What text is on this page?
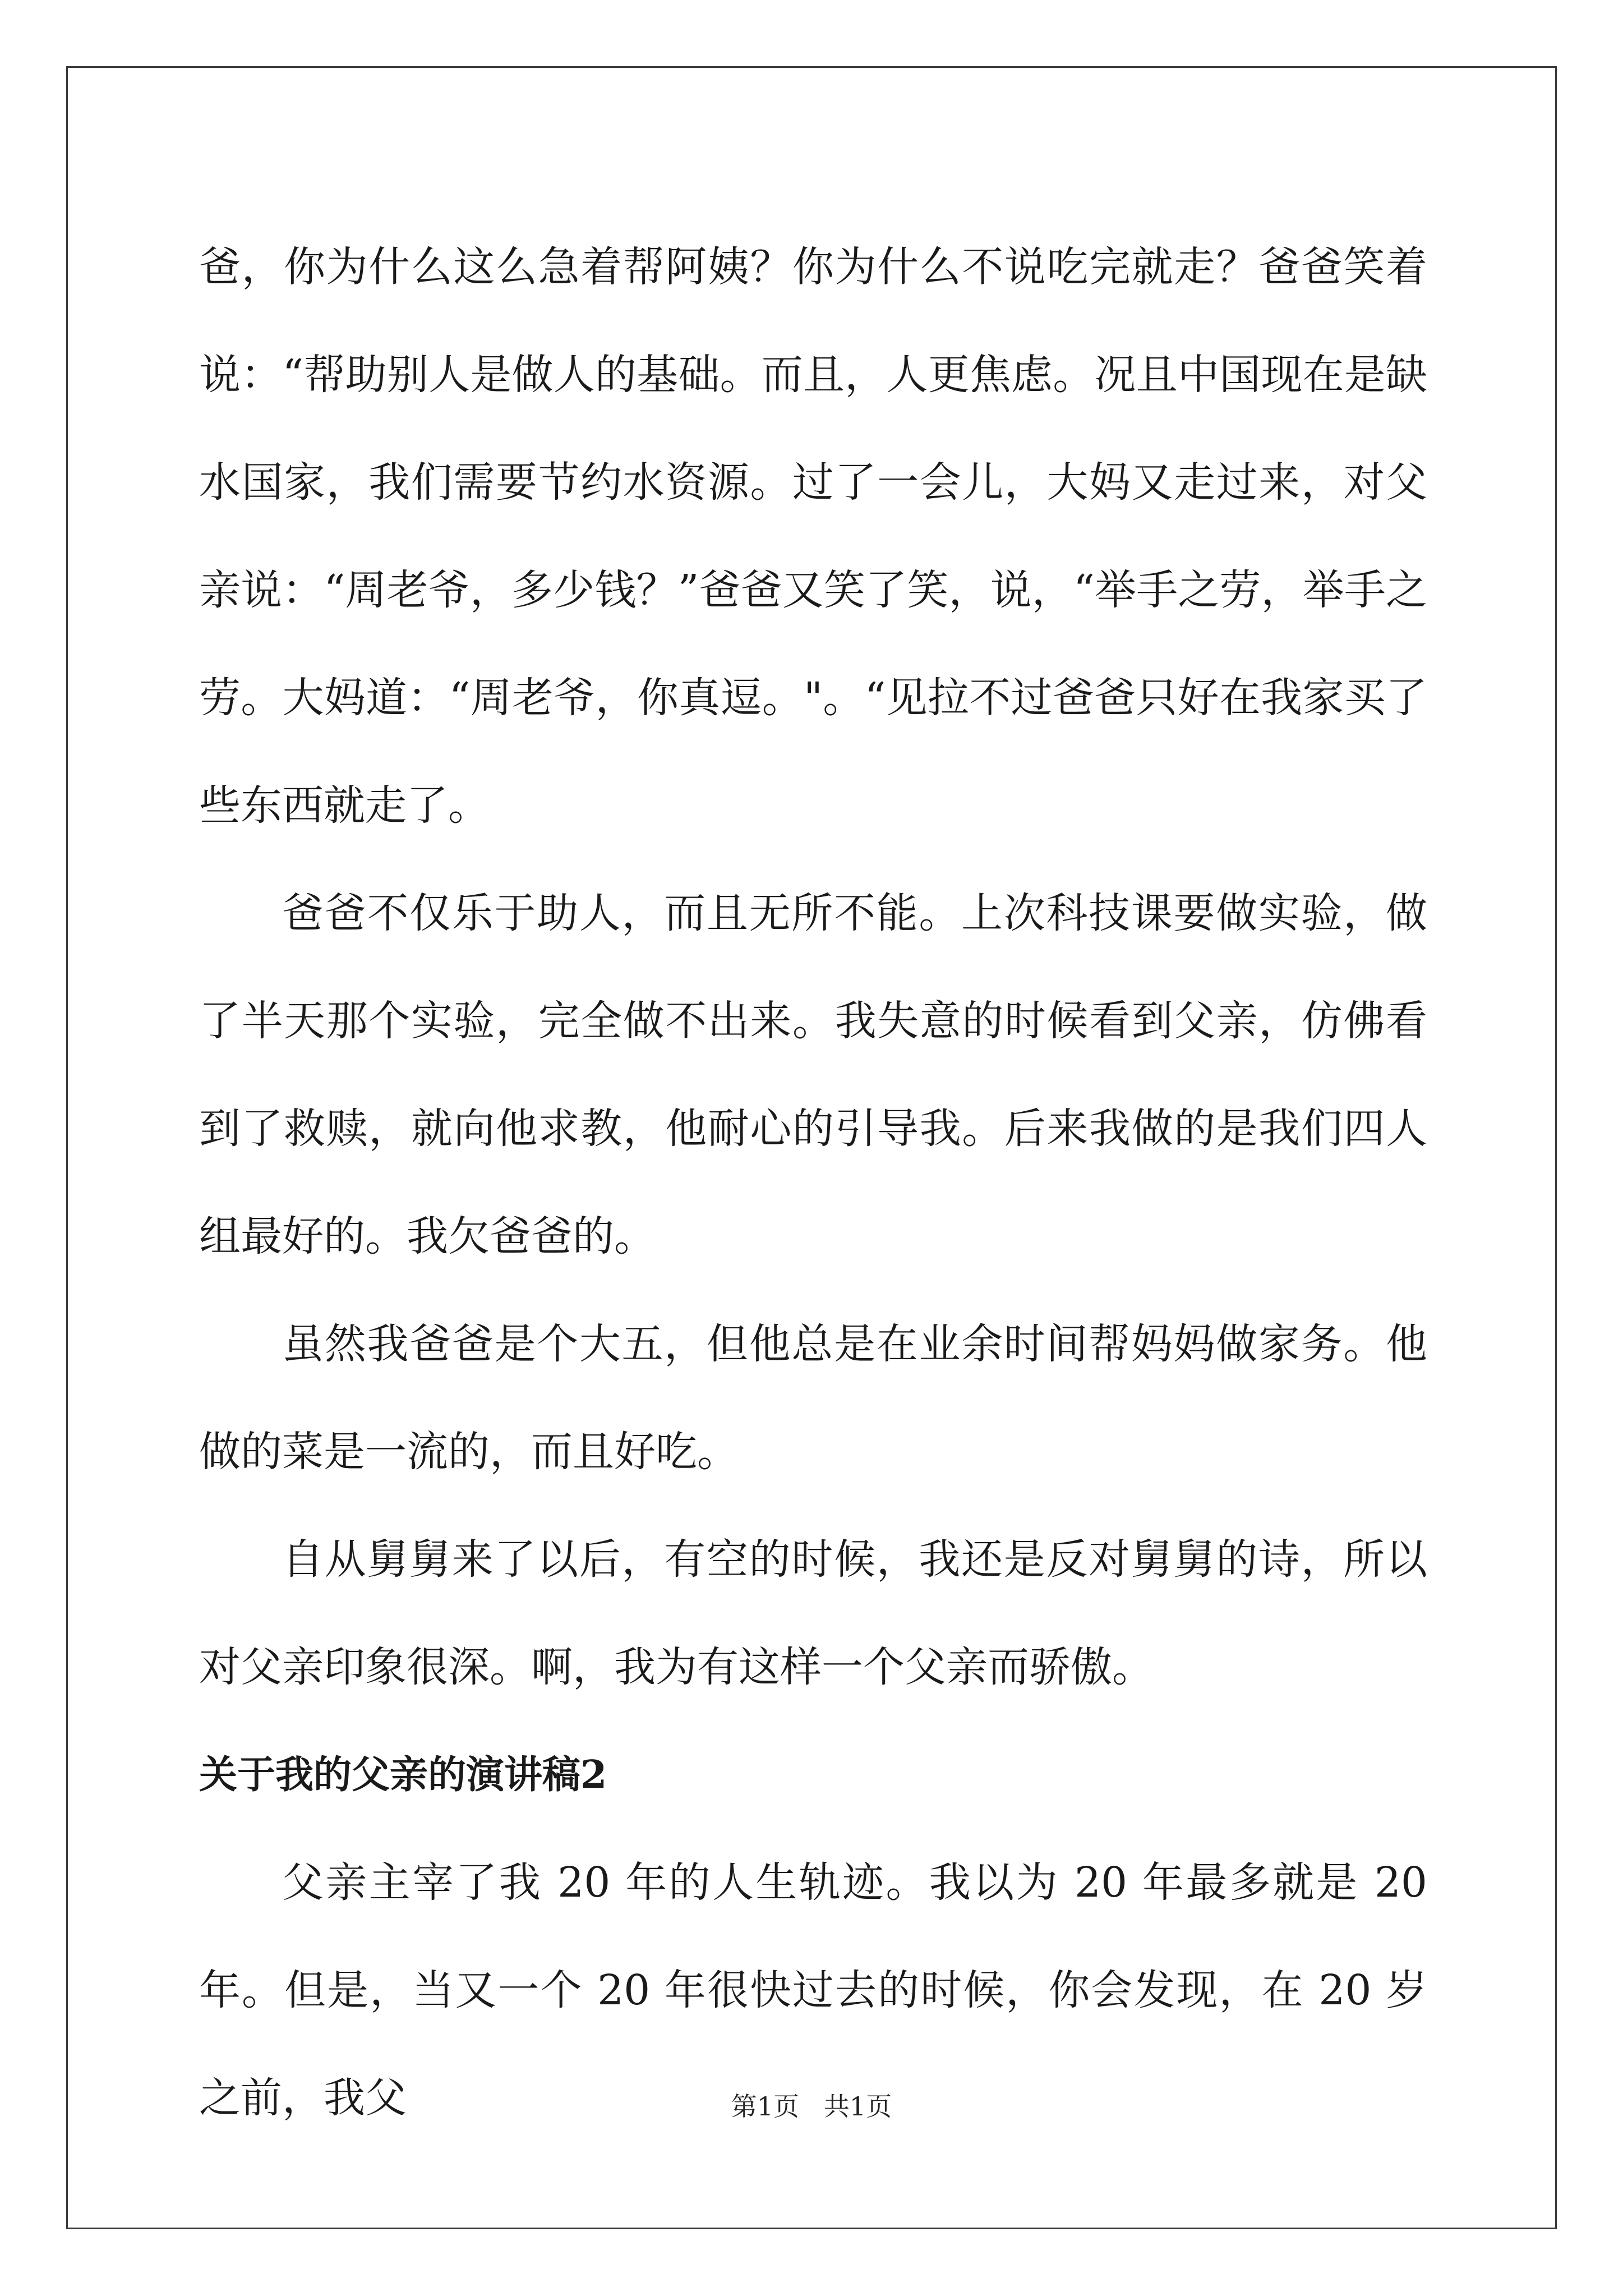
爸，你为什么这么急着帮阿姨？你为什么不说吃完就走？爸爸笑着说：“帮助别人是做人的基础。而且，人更焦虑。况且中国现在是缺水国家，我们需要节约水资源。过了一会儿，大妈又走过来，对父亲说：“周老爷，多少钱？”爸爸又笑了笑，说，“举手之劳，举手之劳。大妈道：“周老爷，你真逗。"。“见拉不过爸爸只好在我家买了些东西就走了。

爸爸不仅乐于助人，而且无所不能。上次科技课要做实验，做了半天那个实验，完全做不出来。我失意的时候看到父亲，仿佛看到了救赎，就向他求教，他耐心的引导我。后来我做的是我们四人组最好的。我欠爸爸的。

虽然我爸爸是个大五，但他总是在业余时间帮妈妈做家务。他做的菜是一流的，而且好吃。

自从舅舅来了以后，有空的时候，我还是反对舅舅的诗，所以对父亲印象很深。啊，我为有这样一个父亲而骄傲。

关于我的父亲的演讲稿2

父亲主宰了我 20 年的人生轨迹。我以为 20 年最多就是 20 年。但是，当又一个 20 年很快过去的时候，你会发现，在 20 岁之前，我父	第1页   共1页
